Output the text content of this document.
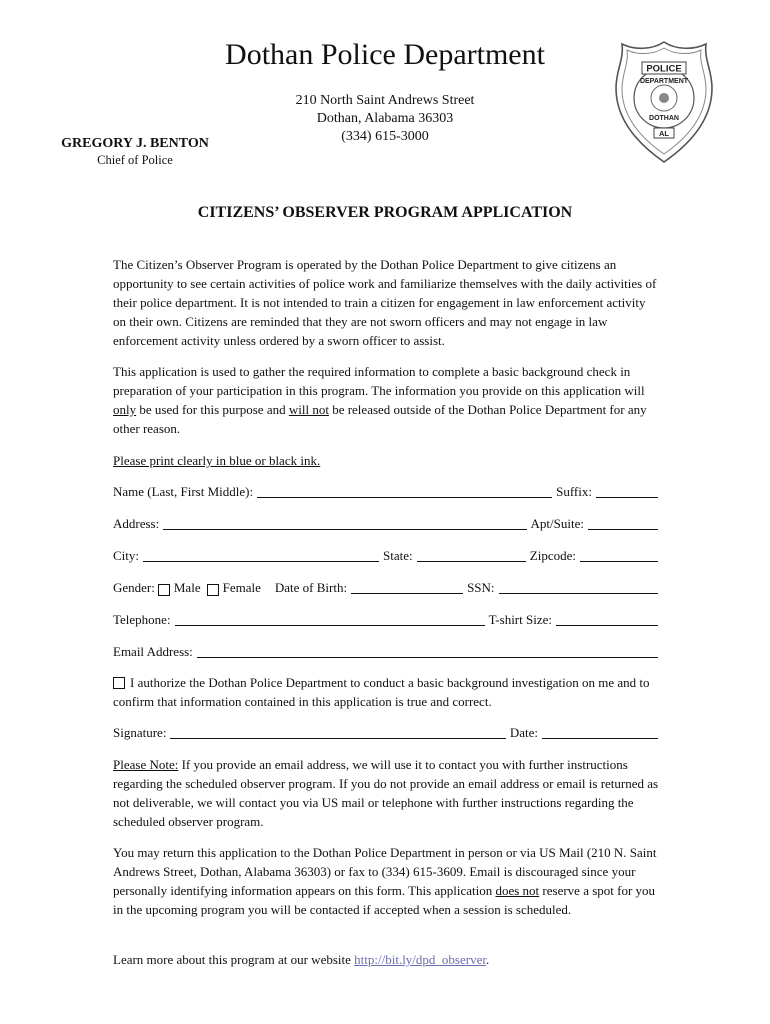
Dothan Police Department
210 North Saint Andrews Street
Dothan, Alabama 36303
(334) 615-3000
GREGORY J. BENTON
Chief of Police
POLICE
DEPARTMENT
DOTHAN
AL
CITIZENS’ OBSERVER PROGRAM APPLICATION

The Citizen’s Observer Program is operated by the Dothan Police Department to give citizens an opportunity to see certain activities of police work and familiarize themselves with the daily activities of their police department. It is not intended to train a citizen for engagement in law enforcement activity on their own. Citizens are reminded that they are not sworn officers and may not engage in law enforcement activity unless ordered by a sworn officer to assist.

This application is used to gather the required information to complete a basic background check in preparation of your participation in this program. The information you provide on this application will only be used for this purpose and will not be released outside of the Dothan Police Department for any other reason.

Please print clearly in blue or black ink.
Name (Last, First Middle):	Suffix:
Address:	Apt/Suite:
City:	State:	Zipcode:
Gender: Male Female Date of Birth:	SSN:
Telephone:	T-shirt Size:
Email Address:

I authorize the Dothan Police Department to conduct a basic background investigation on me and to confirm that information contained in this application is true and correct.

Signature:	Date:

Please Note: If you provide an email address, we will use it to contact you with further instructions regarding the scheduled observer program. If you do not provide an email address or email is returned as not deliverable, we will contact you via US mail or telephone with further instructions regarding the scheduled observer program.

You may return this application to the Dothan Police Department in person or via US Mail (210 N. Saint Andrews Street, Dothan, Alabama 36303) or fax to (334) 615-3609. Email is discouraged since your personally identifying information appears on this form. This application does not reserve a spot for you in the upcoming program you will be contacted if accepted when a session is scheduled.

Learn more about this program at our website http://bit.ly/dpd_observer.
